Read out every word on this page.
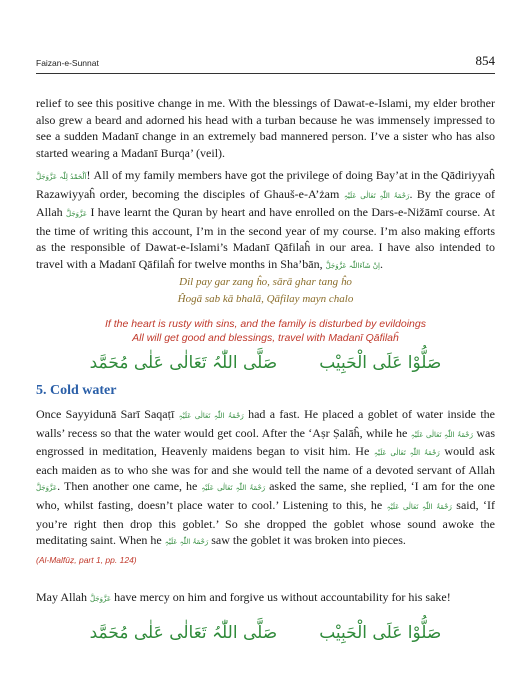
Faizan-e-Sunnat	854

relief to see this positive change in me. With the blessings of Dawat-e-Islami, my elder brother also grew a beard and adorned his head with a turban because he was immensely impressed to see a sudden Madanī change in an extremely bad mannered person. I’ve a sister who has also started wearing a Madanī Burqa’ (veil).

اَلْحَمْدُ لِلّٰہ عَزَّوَجَلَّ! All of my family members have got the privilege of doing Bay’at in the Qādiriyyaĥ Razawiyyaĥ order, becoming the disciples of Ghauš-e-A’żam رَحْمَۃُ اللّٰہِ تَعَالٰی عَلَیْہِ. By the grace of Allah عَزَّوَجَلَّ I have learnt the Quran by heart and have enrolled on the Dars-e-Nižāmī course. At the time of writing this account, I’m in the second year of my course. I’m also making efforts as the responsible of Dawat-e-Islami’s Madanī Qāfilaĥ in our area. I have also intended to travel with a Madanī Qāfilaĥ for twelve months in Sha’bān, اِنْ شَآءَاللّٰہ عَزَّوَجَلَّ.

Dil pay gar zang ĥo, sārā ghar tang ĥo
Ĥogā sab kā bhalā, Qāfilay mayn chalo
If the heart is rusty with sins, and the family is disturbed by evildoings
All will get good and blessings, travel with Madanī Qāfilaĥ
صَلُّوْا عَلَی الْحَبِیْبصَلَّی اللّٰہُ تَعَالٰی عَلٰی مُحَمَّد
5. Cold water

Once Sayyidunā Sarī Saqaṭī رَحْمَۃُ اللّٰہِ تَعَالٰی عَلَیْہِ had a fast. He placed a goblet of water inside the walls’ recess so that the water would get cool. After the ‘Aṣr Ṣalāĥ, while he رَحْمَۃُ اللّٰہِ تَعَالٰی عَلَیْہِ was engrossed in meditation, Heavenly maidens began to visit him. He رَحْمَۃُ اللّٰہِ تَعَالٰی عَلَیْہِ would ask each maiden as to who she was for and she would tell the name of a devoted servant of Allah عَزَّوَجَلَّ. Then another one came, he رَحْمَۃُ اللّٰہِ تَعَالٰی عَلَیْہِ asked the same, she replied, ‘I am for the one who, whilst fasting, doesn’t place water to cool.’ Listening to this, he رَحْمَۃُ اللّٰہِ تَعَالٰی عَلَیْہِ said, ‘If you’re right then drop this goblet.’ So she dropped the goblet whose sound awoke the meditating saint. When he رَحْمَۃُ اللّٰہِ عَلَیْہِ saw the goblet it was broken into pieces.
(Al-Malfūẓ, part 1, pp. 124)

May Allah عَزَّوَجَلَّ have mercy on him and forgive us without accountability for his sake!

صَلُّوْا عَلَی الْحَبِیْبصَلَّی اللّٰہُ تَعَالٰی عَلٰی مُحَمَّد
